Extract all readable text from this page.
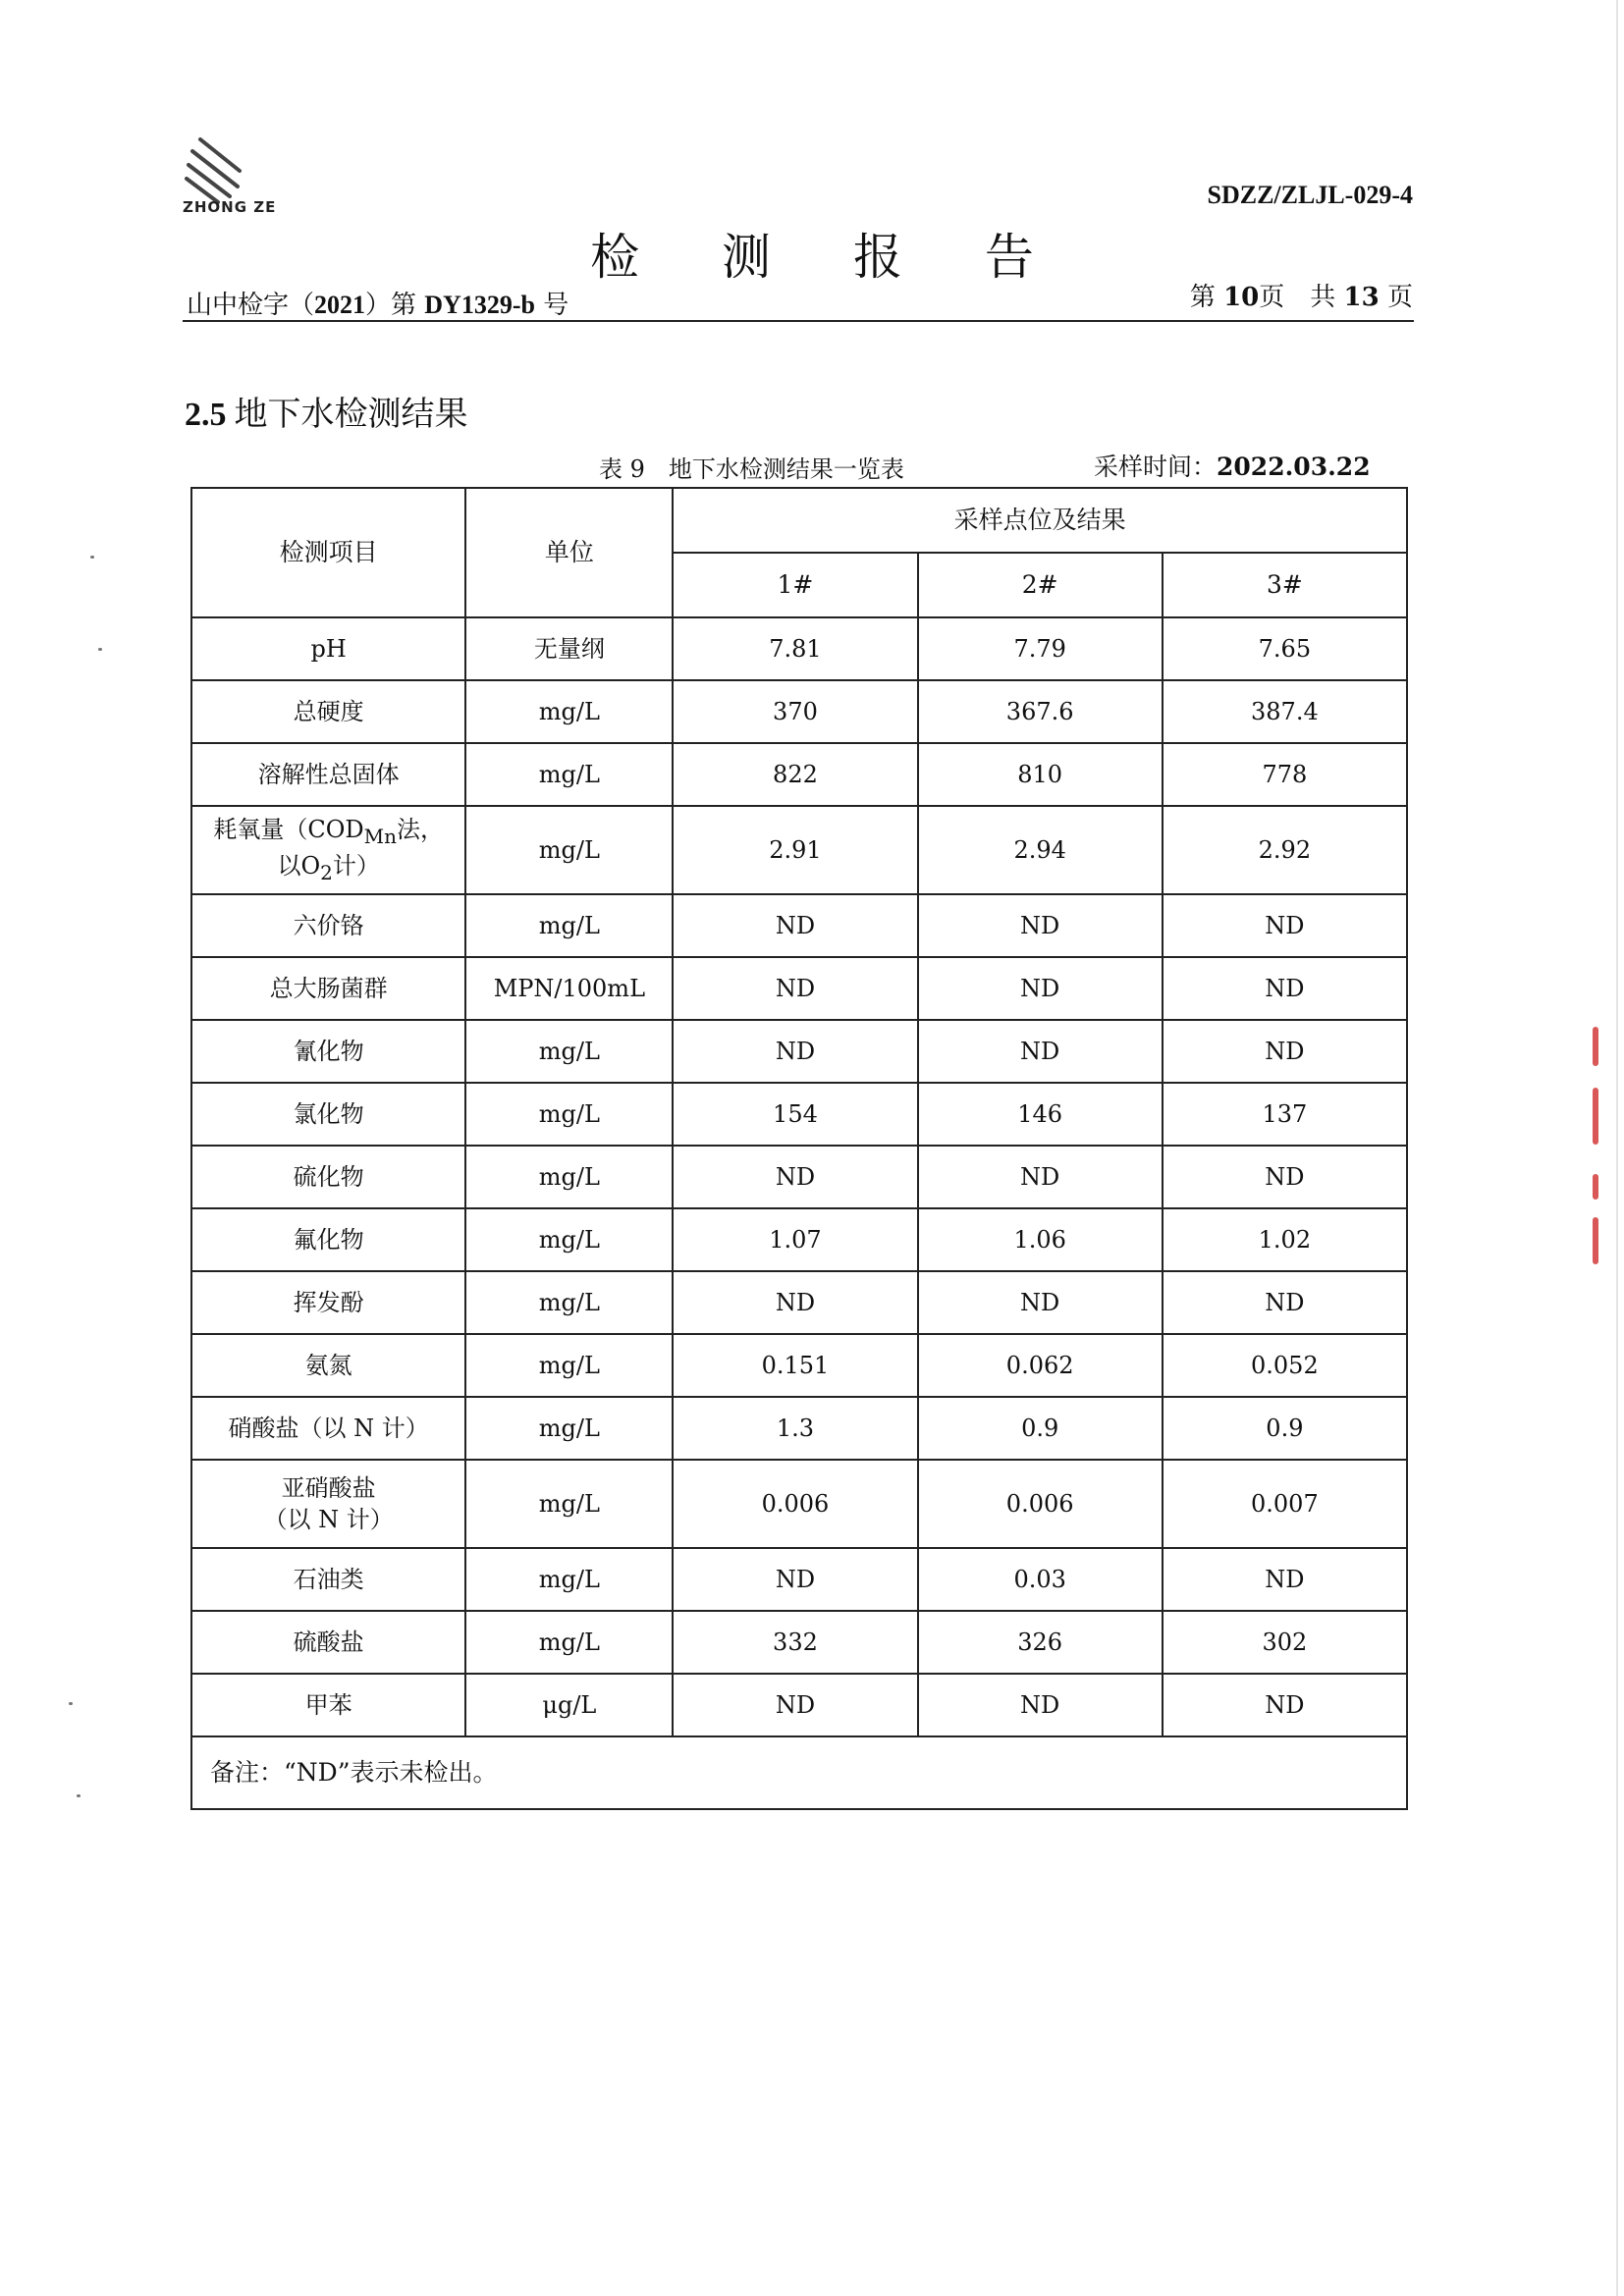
ZHONG ZE	SDZZ/ZLJL-029-4
检 测 报 告
山中检字（2021）第 DY1329-b 号	第 10页　共 13 页
2.5 地下水检测结果
表 9　地下水检测结果一览表	采样时间：2022.03.22
检测项目	单位	采样点位及结果		
		1#	2#	3#
pH	无量纲	7.81	7.79	7.65
总硬度	mg/L	370	367.6	387.4
溶解性总固体	mg/L	822	810	778
耗氧量（$COD_{Mn}$法，
以$O_2$计）	mg/L	2.91	2.94	2.92
六价铬	mg/L	ND	ND	ND
总大肠菌群	MPN/100mL	ND	ND	ND
氰化物	mg/L	ND	ND	ND
氯化物	mg/L	154	146	137
硫化物	mg/L	ND	ND	ND
氟化物	mg/L	1.07	1.06	1.02
挥发酚	mg/L	ND	ND	ND
氨氮	mg/L	0.151	0.062	0.052
硝酸盐（以 N 计）	mg/L	1.3	0.9	0.9
亚硝酸盐
（以 N 计）	mg/L	0.006	0.006	0.007
石油类	mg/L	ND	0.03	ND
硫酸盐	mg/L	332	326	302
甲苯	μg/L	ND	ND	ND
备注：“ND”表示未检出。				
